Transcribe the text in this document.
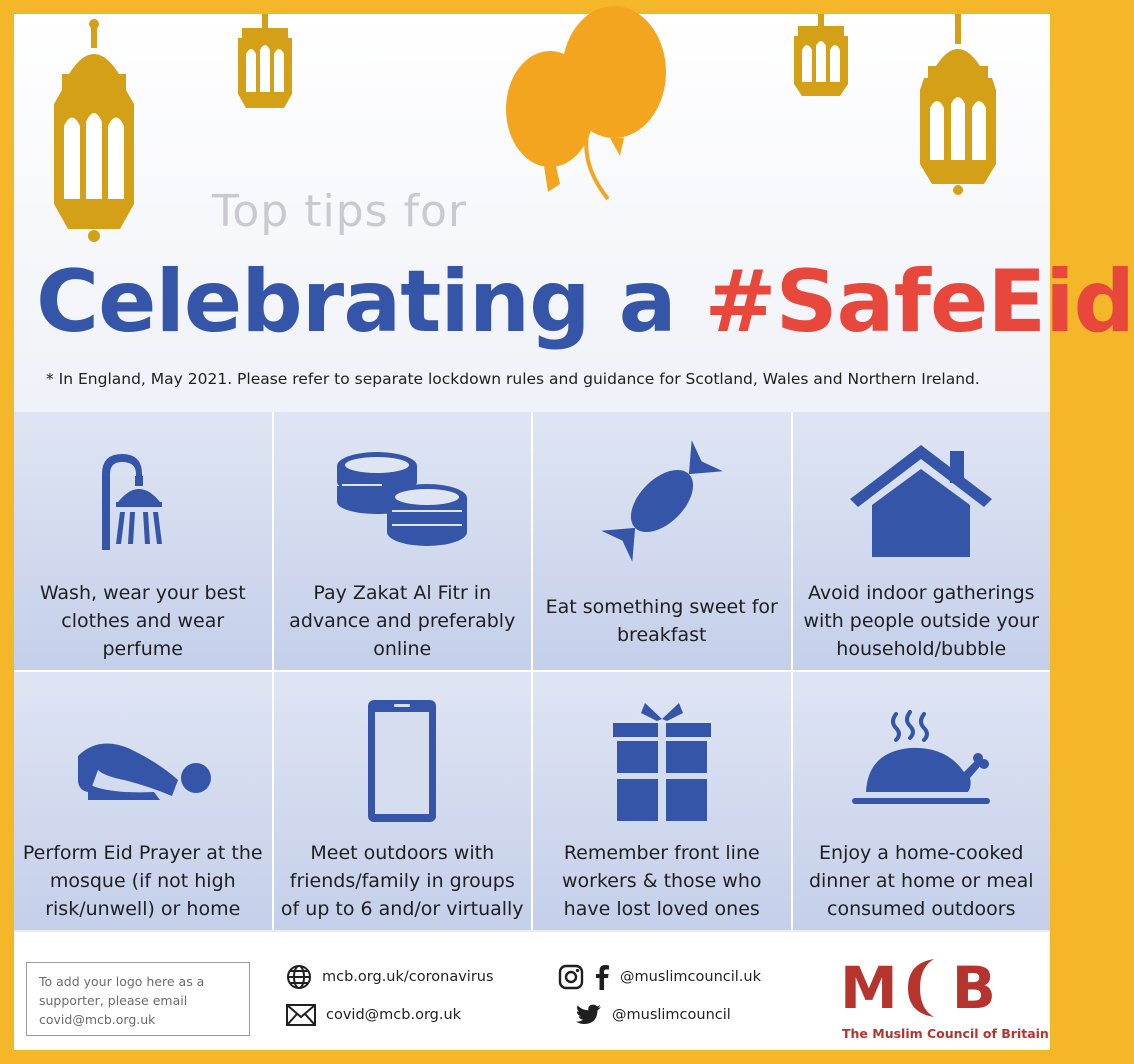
Top tips for
Celebrating a #SafeEid
* In England, May 2021. Please refer to separate lockdown rules and guidance for Scotland, Wales and Northern Ireland.
Wash, wear your best clothes and wear perfume
Pay Zakat Al Fitr in advance and preferably online
Eat something sweet for breakfast
Avoid indoor gatherings with people outside your household/bubble
Perform Eid Prayer at the mosque (if not high risk/unwell) or home
Meet outdoors with friends/family in groups of up to 6 and/or virtually
Remember front line workers & those who have lost loved ones
Enjoy a home-cooked dinner at home or meal consumed outdoors
To add your logo here as a supporter, please email covid@mcb.org.uk
mcb.org.uk/coronavirus
covid@mcb.org.uk
@muslimcouncil.uk
@muslimcouncil M B
The Muslim Council of Britain
